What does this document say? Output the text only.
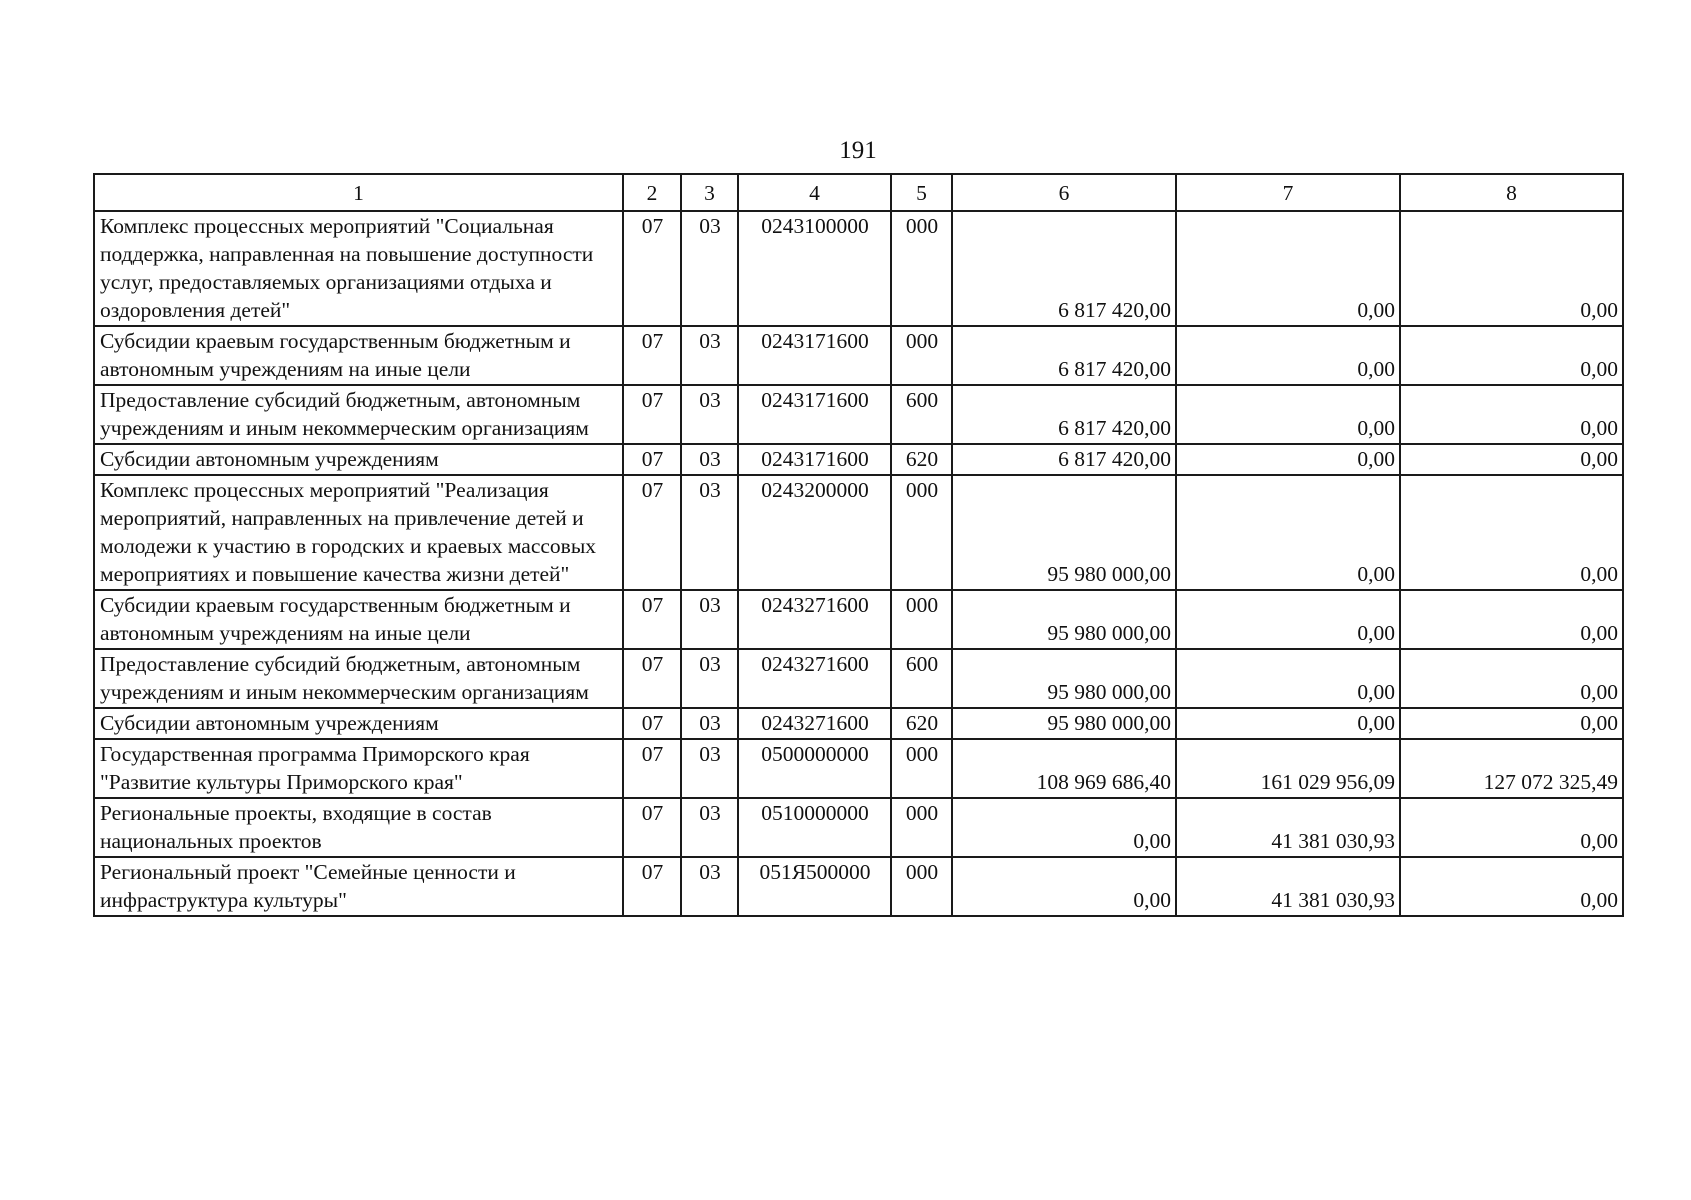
191
1	2	3	4	5	6	7	8
Комплекс процессных мероприятий "Социальная поддержка, направленная на повышение доступности услуг, предоставляемых организациями отдыха и оздоровления детей"	07	03	0243100000	000	6 817 420,00	0,00	0,00
Субсидии краевым государственным бюджетным и автономным учреждениям на иные цели	07	03	0243171600	000	6 817 420,00	0,00	0,00
Предоставление субсидий бюджетным, автономным учреждениям и иным некоммерческим организациям	07	03	0243171600	600	6 817 420,00	0,00	0,00
Субсидии автономным учреждениям	07	03	0243171600	620	6 817 420,00	0,00	0,00
Комплекс процессных мероприятий "Реализация мероприятий, направленных на привлечение детей и молодежи к участию в городских и краевых массовых мероприятиях и повышение качества жизни детей"	07	03	0243200000	000	95 980 000,00	0,00	0,00
Субсидии краевым государственным бюджетным и автономным учреждениям на иные цели	07	03	0243271600	000	95 980 000,00	0,00	0,00
Предоставление субсидий бюджетным, автономным учреждениям и иным некоммерческим организациям	07	03	0243271600	600	95 980 000,00	0,00	0,00
Субсидии автономным учреждениям	07	03	0243271600	620	95 980 000,00	0,00	0,00
Государственная программа Приморского края "Развитие культуры Приморского края"	07	03	0500000000	000	108 969 686,40	161 029 956,09	127 072 325,49
Региональные проекты, входящие в состав национальных проектов	07	03	0510000000	000	0,00	41 381 030,93	0,00
Региональный проект "Семейные ценности и инфраструктура культуры"	07	03	051Я500000	000	0,00	41 381 030,93	0,00
